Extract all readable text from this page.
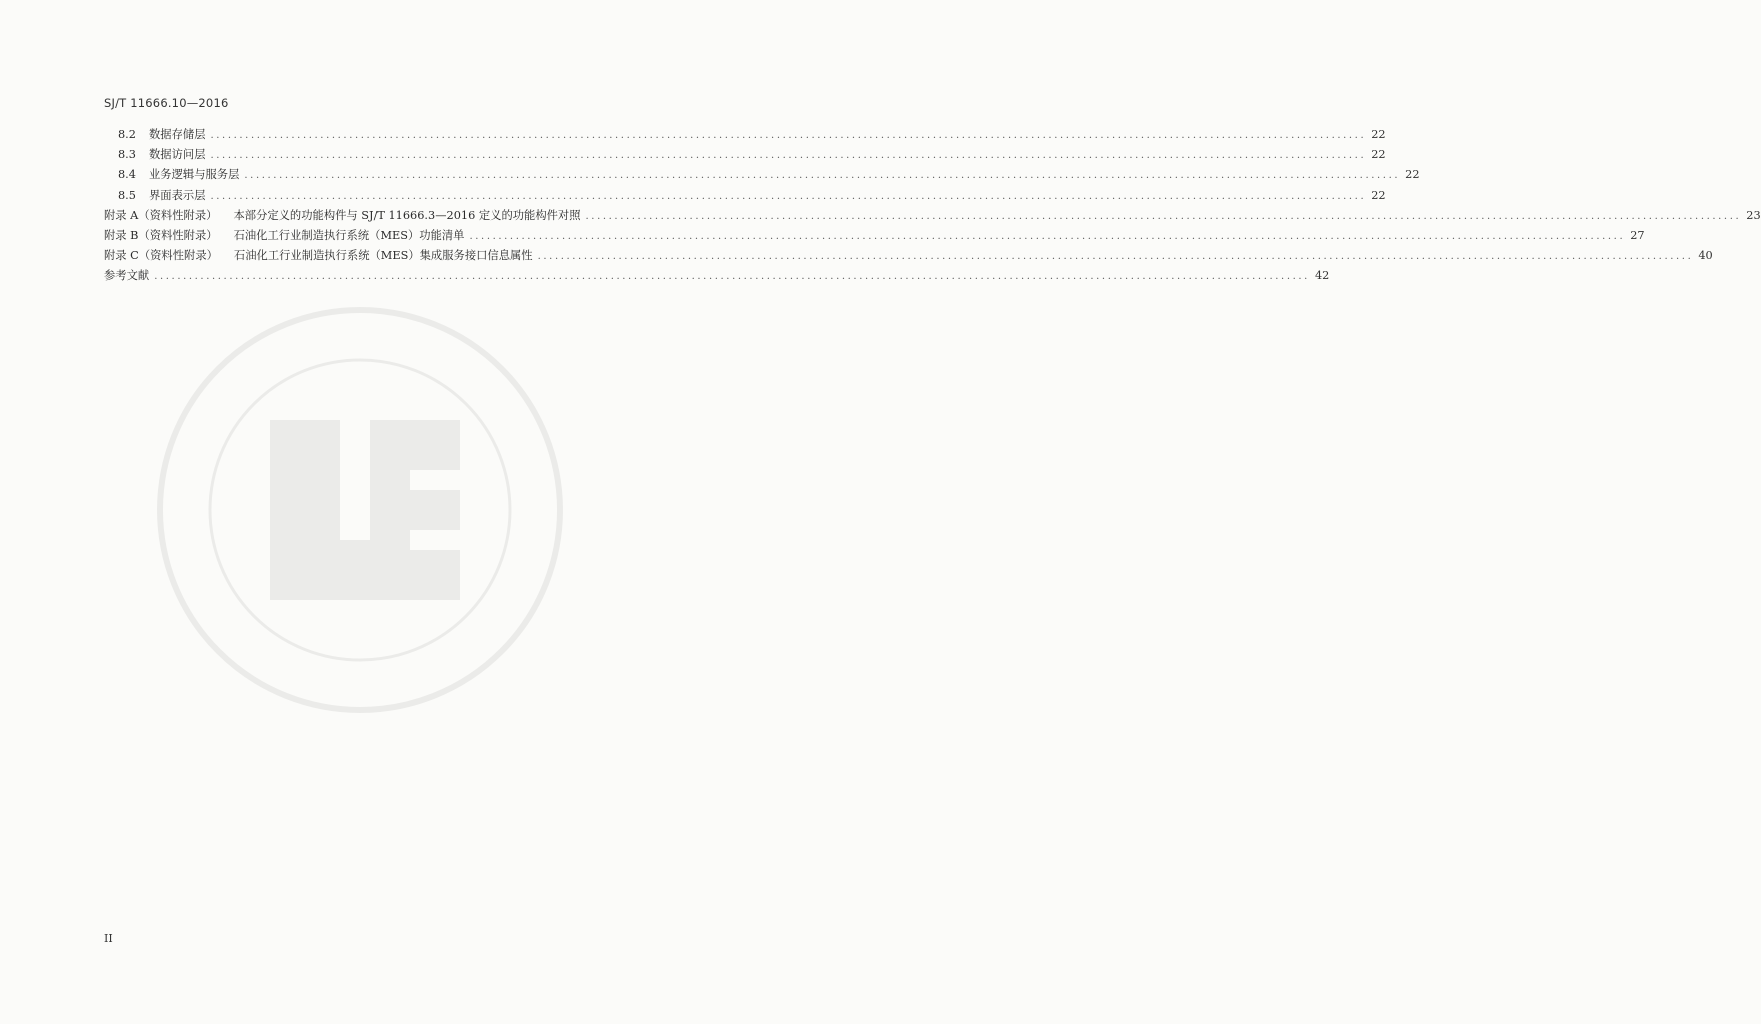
SJ/T 11666.10—2016
8.2	数据存储层 ........................................................................................................................................................................................................ 22
8.3	数据访问层 ........................................................................................................................................................................................................ 22
8.4	业务逻辑与服务层 ........................................................................................................................................................................................................ 22
8.5	界面表示层 ........................................................................................................................................................................................................ 22
附录 A（资料性附录） 本部分定义的功能构件与 SJ/T 11666.3—2016 定义的功能构件对照 ........................................................................................................................................................................................................ 23
附录 B（资料性附录） 石油化工行业制造执行系统（MES）功能清单 ........................................................................................................................................................................................................ 27
附录 C（资料性附录） 石油化工行业制造执行系统（MES）集成服务接口信息属性 ........................................................................................................................................................................................................ 40
参考文献 ........................................................................................................................................................................................................ 42
II
